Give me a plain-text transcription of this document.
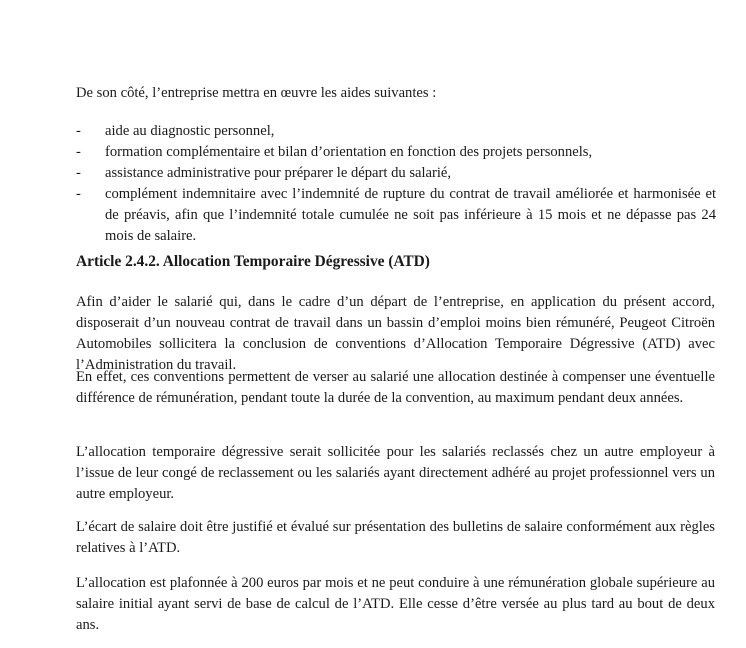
De son côté, l’entreprise mettra en œuvre les aides suivantes :

- aide au diagnostic personnel,
- formation complémentaire et bilan d’orientation en fonction des projets personnels,
- assistance administrative pour préparer le départ du salarié,
- complément indemnitaire avec l’indemnité de rupture du contrat de travail améliorée et harmonisée et de préavis, afin que l’indemnité totale cumulée ne soit pas inférieure à 15 mois et ne dépasse pas 24 mois de salaire.
Article 2.4.2. Allocation Temporaire Dégressive (ATD)

Afin d’aider le salarié qui, dans le cadre d’un départ de l’entreprise, en application du présent accord, disposerait d’un nouveau contrat de travail dans un bassin d’emploi moins bien rémunéré, Peugeot Citroën Automobiles sollicitera la conclusion de conventions d’Allocation Temporaire Dégressive (ATD) avec l’Administration du travail.

En effet, ces conventions permettent de verser au salarié une allocation destinée à compenser une éventuelle différence de rémunération, pendant toute la durée de la convention, au maximum pendant deux années.

L’allocation temporaire dégressive serait sollicitée pour les salariés reclassés chez un autre employeur à l’issue de leur congé de reclassement ou les salariés ayant directement adhéré au projet professionnel vers un autre employeur.

L’écart de salaire doit être justifié et évalué sur présentation des bulletins de salaire conformément aux règles relatives à l’ATD.

L’allocation est plafonnée à 200 euros par mois et ne peut conduire à une rémunération globale supérieure au salaire initial ayant servi de base de calcul de l’ATD. Elle cesse d’être versée au plus tard au bout de deux ans.
